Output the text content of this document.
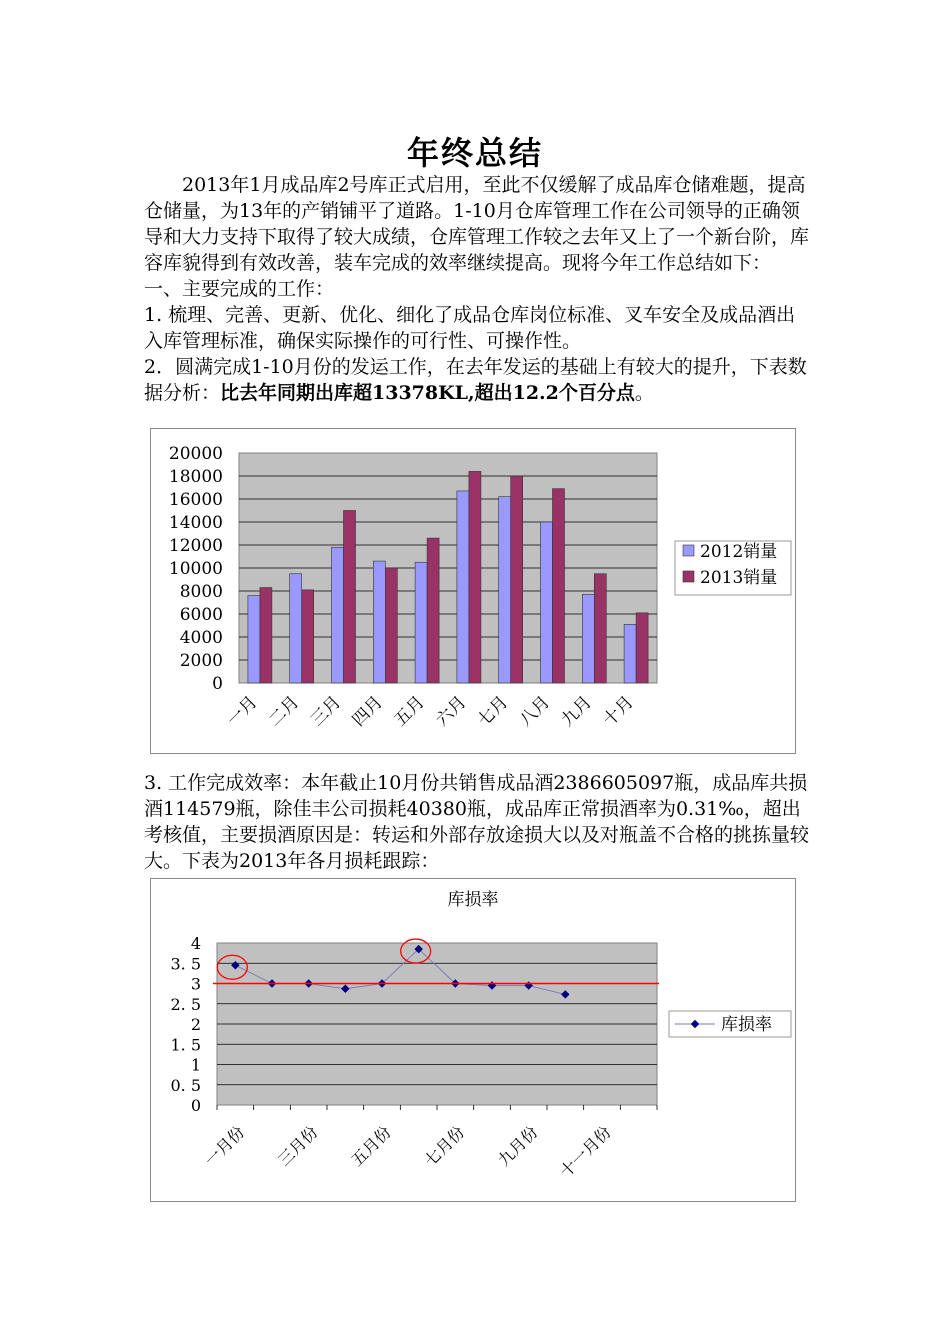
年终总结

2013年1月成品库2号库正式启用，至此不仅缓解了成品库仓储难题，提高仓储量，为13年的产销铺平了道路。1-10月仓库管理工作在公司领导的正确领导和大力支持下取得了较大成绩，仓库管理工作较之去年又上了一个新台阶，库容库貌得到有效改善，装车完成的效率继续提高。现将今年工作总结如下：

一、主要完成的工作：

1. 梳理、完善、更新、优化、细化了成品仓库岗位标准、叉车安全及成品酒出入库管理标准，确保实际操作的可行性、可操作性。

2．圆满完成1-10月份的发运工作，在去年发运的基础上有较大的提升，下表数据分析：比去年同期出库超13378KL,超出12.2个百分点。

20000
18000
16000
14000
12000
10000
8000
6000
4000
2000
0
一月 二月 三月 四月 五月 六月 七月 八月 九月 十月
2012销量
2013销量

3. 工作完成效率：本年截止10月份共销售成品酒2386605097瓶，成品库共损酒114579瓶，除佳丰公司损耗40380瓶，成品库正常损酒率为0.31‰，超出考核值，主要损酒原因是：转运和外部存放途损大以及对瓶盖不合格的挑拣量较大。下表为2013年各月损耗跟踪：

库损率
4
3. 5
3
2. 5
2
1. 5
1
0. 5
0
一月份 三月份 五月份 七月份 九月份 十一月份
库损率
